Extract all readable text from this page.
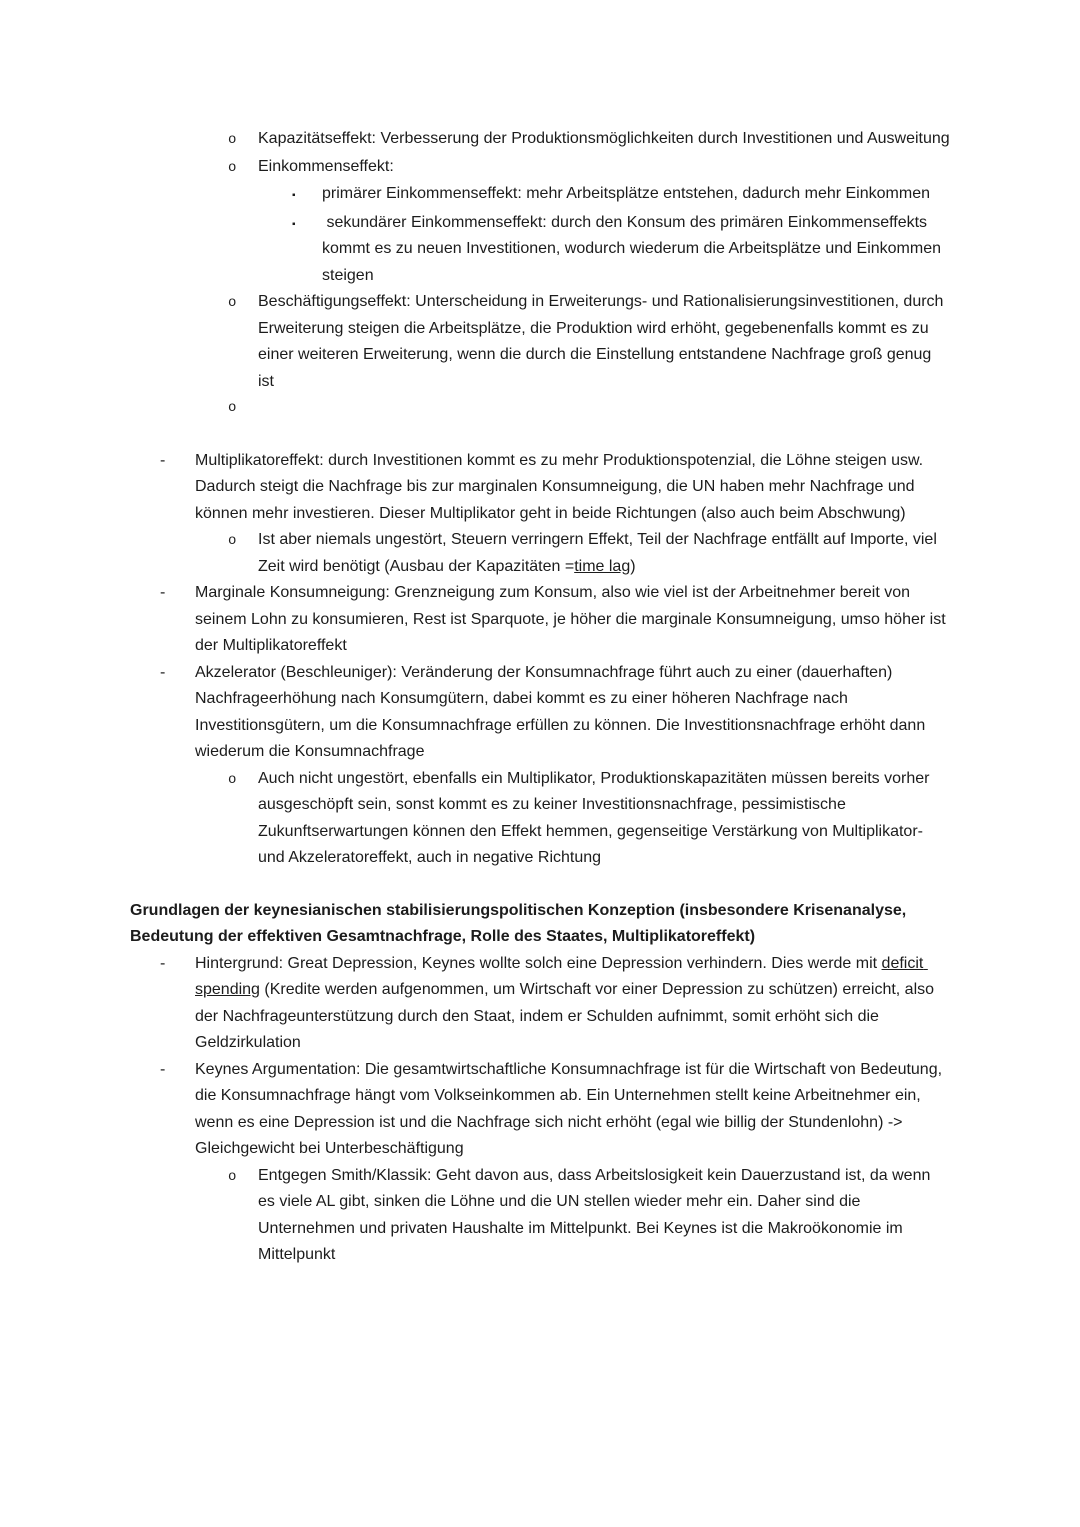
o	Kapazitätseffekt: Verbesserung der Produktionsmöglichkeiten durch Investitionen und Ausweitung
o	Einkommenseffekt:
▪	primärer Einkommenseffekt: mehr Arbeitsplätze entstehen, dadurch mehr Einkommen
▪	sekundärer Einkommenseffekt: durch den Konsum des primären Einkommenseffekts kommt es zu neuen Investitionen, wodurch wiederum die Arbeitsplätze und Einkommen steigen
o	Beschäftigungseffekt: Unterscheidung in Erweiterungs- und Rationalisierungsinvestitionen, durch Erweiterung steigen die Arbeitsplätze, die Produktion wird erhöht, gegebenenfalls kommt es zu einer weiteren Erweiterung, wenn die durch die Einstellung entstandene Nachfrage groß genug ist
o
-	Multiplikatoreffekt: durch Investitionen kommt es zu mehr Produktionspotenzial, die Löhne steigen usw. Dadurch steigt die Nachfrage bis zur marginalen Konsumneigung, die UN haben mehr Nachfrage und können mehr investieren. Dieser Multiplikator geht in beide Richtungen (also auch beim Abschwung)
o	Ist aber niemals ungestört, Steuern verringern Effekt, Teil der Nachfrage entfällt auf Importe, viel Zeit wird benötigt (Ausbau der Kapazitäten =time lag)
-	Marginale Konsumneigung: Grenzneigung zum Konsum, also wie viel ist der Arbeitnehmer bereit von seinem Lohn zu konsumieren, Rest ist Sparquote, je höher die marginale Konsumneigung, umso höher ist der Multiplikatoreffekt
-	Akzelerator (Beschleuniger): Veränderung der Konsumnachfrage führt auch zu einer (dauerhaften) Nachfrageerhöhung nach Konsumgütern, dabei kommt es zu einer höheren Nachfrage nach Investitionsgütern, um die Konsumnachfrage erfüllen zu können. Die Investitionsnachfrage erhöht dann wiederum die Konsumnachfrage
o	Auch nicht ungestört, ebenfalls ein Multiplikator, Produktionskapazitäten müssen bereits vorher ausgeschöpft sein, sonst kommt es zu keiner Investitionsnachfrage, pessimistische Zukunftserwartungen können den Effekt hemmen, gegenseitige Verstärkung von Multiplikator- und Akzeleratoreffekt, auch in negative Richtung
Grundlagen der keynesianischen stabilisierungspolitischen Konzeption (insbesondere Krisenanalyse, Bedeutung der effektiven Gesamtnachfrage, Rolle des Staates, Multiplikatoreffekt)
-	Hintergrund: Great Depression, Keynes wollte solch eine Depression verhindern. Dies werde mit deficit spending (Kredite werden aufgenommen, um Wirtschaft vor einer Depression zu schützen) erreicht, also der Nachfrageunterstützung durch den Staat, indem er Schulden aufnimmt, somit erhöht sich die Geldzirkulation
-	Keynes Argumentation: Die gesamtwirtschaftliche Konsumnachfrage ist für die Wirtschaft von Bedeutung, die Konsumnachfrage hängt vom Volkseinkommen ab. Ein Unternehmen stellt keine Arbeitnehmer ein, wenn es eine Depression ist und die Nachfrage sich nicht erhöht (egal wie billig der Stundenlohn) -> Gleichgewicht bei Unterbeschäftigung
o	Entgegen Smith/Klassik: Geht davon aus, dass Arbeitslosigkeit kein Dauerzustand ist, da wenn es viele AL gibt, sinken die Löhne und die UN stellen wieder mehr ein. Daher sind die Unternehmen und privaten Haushalte im Mittelpunkt. Bei Keynes ist die Makroökonomie im Mittelpunkt
